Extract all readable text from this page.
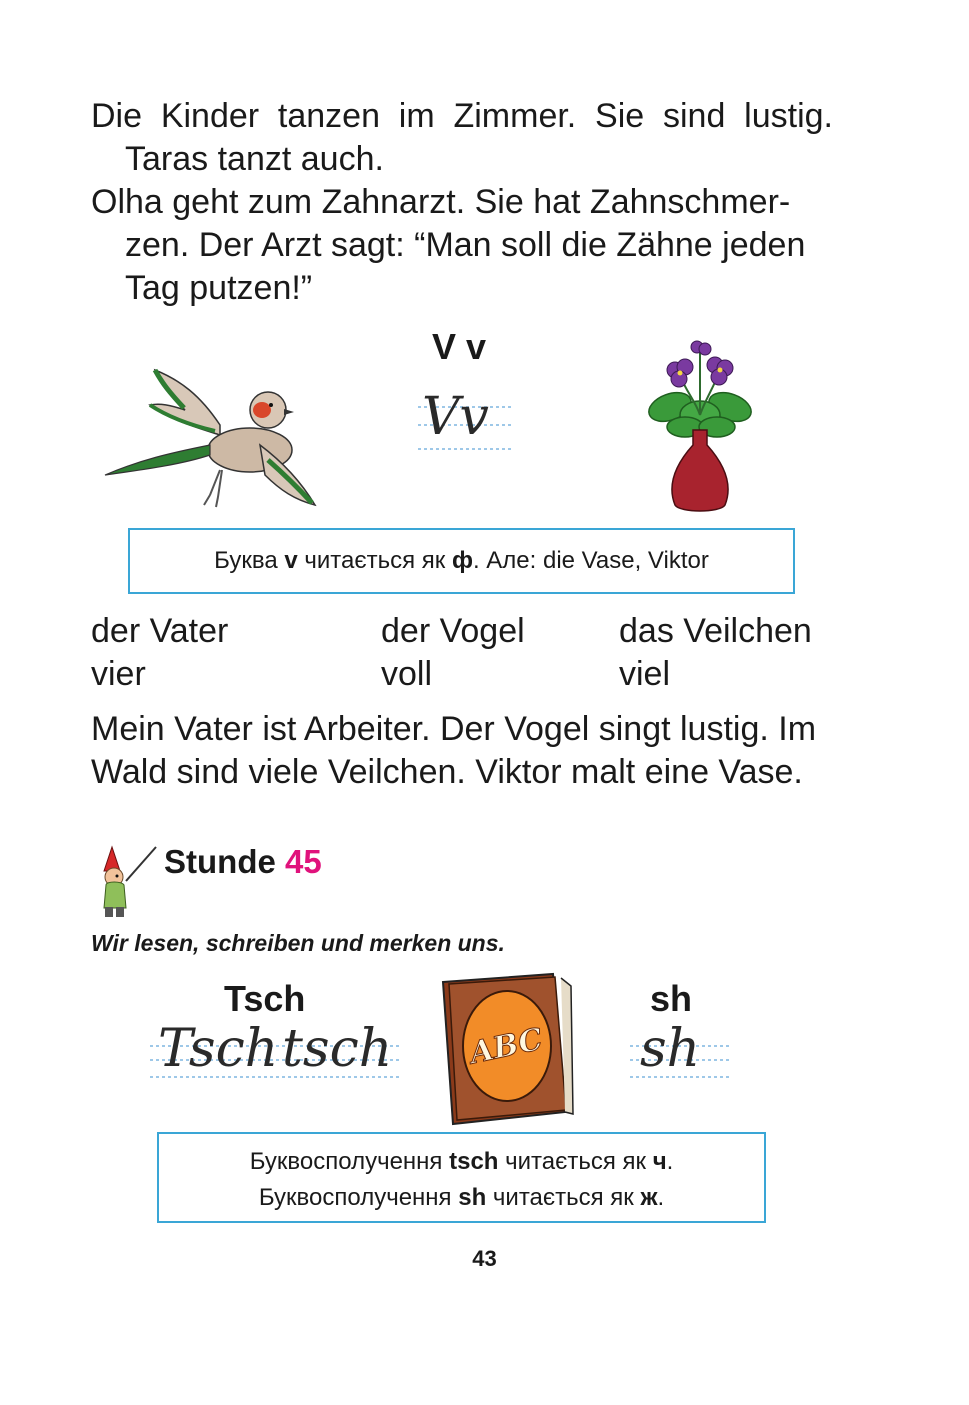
Die Kinder tanzen im Zimmer. Sie sind lustig.
Taras tanzt auch.
Olha geht zum Zahnarzt. Sie hat Zahnschmer-
zen. Der Arzt sagt: “Man soll die Zähne jeden
Tag putzen!”
V v
Vv
Буква v читається як ф. Але: die Vase, Viktor
der Vater
vier
der Vogel
voll
das Veilchen
viel
Mein Vater ist Arbeiter. Der Vogel singt lustig. Im
Wald sind viele Veilchen. Viktor malt eine Vase.
Stunde 45
Wir lesen, schreiben und merken uns.
Tsch
Tsch tsch ABC
sh
sh
Буквосполучення tsch читається як ч.
Буквосполучення sh читається як ж.
43
